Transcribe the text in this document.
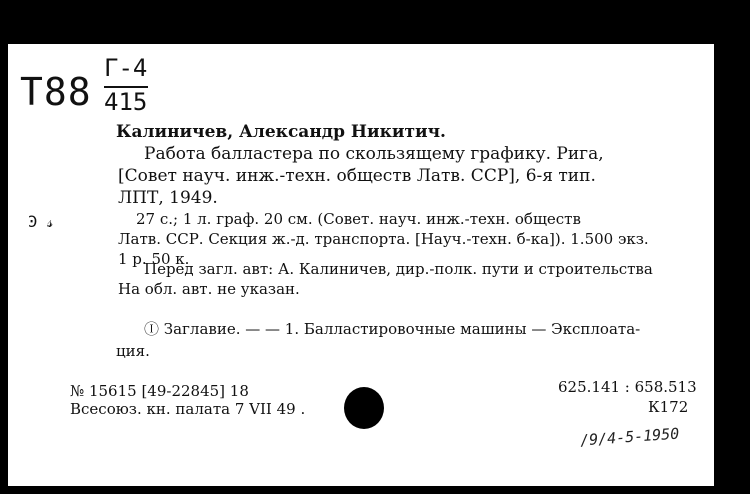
Т88
Г-4
415
Ͽ 𝓈
Калиничев, Александр Никитич.
Работа балластера по скользящему графику. Рига,
[Совет науч. инж.-техн. обществ Латв. ССР], 6-я тип.
ЛПТ, 1949.
27 с.; 1 л. граф. 20 см. (Совет. науч. инж.-техн. обществ
Латв. ССР. Секция ж.-д. транспорта. [Науч.-техн. б-ка]). 1.500 экз.
1 р. 50 к.
Перед загл. авт: А. Калиничев, дир.-полк. пути и строительства
На обл. авт. не указан.
Ⓘ Заглавие. — — 1. Балластировочные машины — Эксплоата-
ция.
№ 15615 [49-22845] 18
Всесоюз. кн. палата 7 VII 49 .
625.141 : 658.513
К172
/9/4-5-1950
